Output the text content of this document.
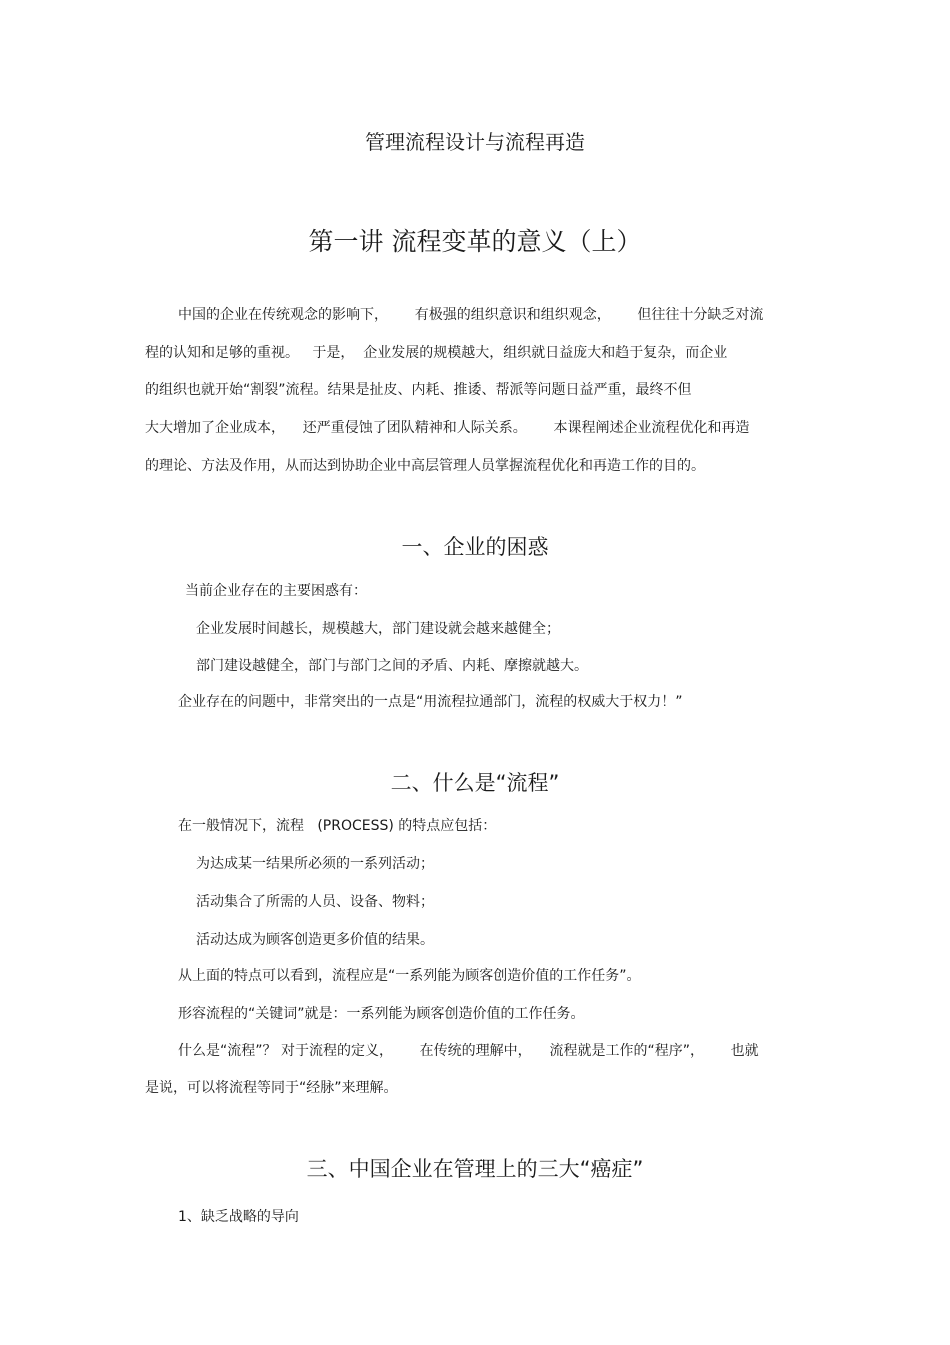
管理流程设计与流程再造
第一讲 流程变革的意义（上）
中国的企业在传统观念的影响下，      有极强的组织意识和组织观念，      但往往十分缺乏对流
程的认知和足够的重视。   于是，  企业发展的规模越大，组织就日益庞大和趋于复杂，而企业
的组织也就开始“割裂”流程。结果是扯皮、内耗、推诿、帮派等问题日益严重，最终不但
大大增加了企业成本，    还严重侵蚀了团队精神和人际关系。      本课程阐述企业流程优化和再造
的理论、方法及作用，从而达到协助企业中高层管理人员掌握流程优化和再造工作的目的。
一、企业的困惑
当前企业存在的主要困惑有：
企业发展时间越长，规模越大，部门建设就会越来越健全；
部门建设越健全，部门与部门之间的矛盾、内耗、摩擦就越大。
企业存在的问题中，非常突出的一点是“用流程拉通部门，流程的权威大于权力！”
二、什么是“流程”
在一般情况下，流程   (PROCESS) 的特点应包括：
为达成某一结果所必须的一系列活动；
活动集合了所需的人员、设备、物料；
活动达成为顾客创造更多价值的结果。
从上面的特点可以看到，流程应是“一系列能为顾客创造价值的工作任务”。
形容流程的“关键词”就是：一系列能为顾客创造价值的工作任务。
什么是“流程”？ 对于流程的定义，      在传统的理解中，    流程就是工作的“程序”，      也就
是说，可以将流程等同于“经脉”来理解。
三、中国企业在管理上的三大“癌症”
1、缺乏战略的导向
